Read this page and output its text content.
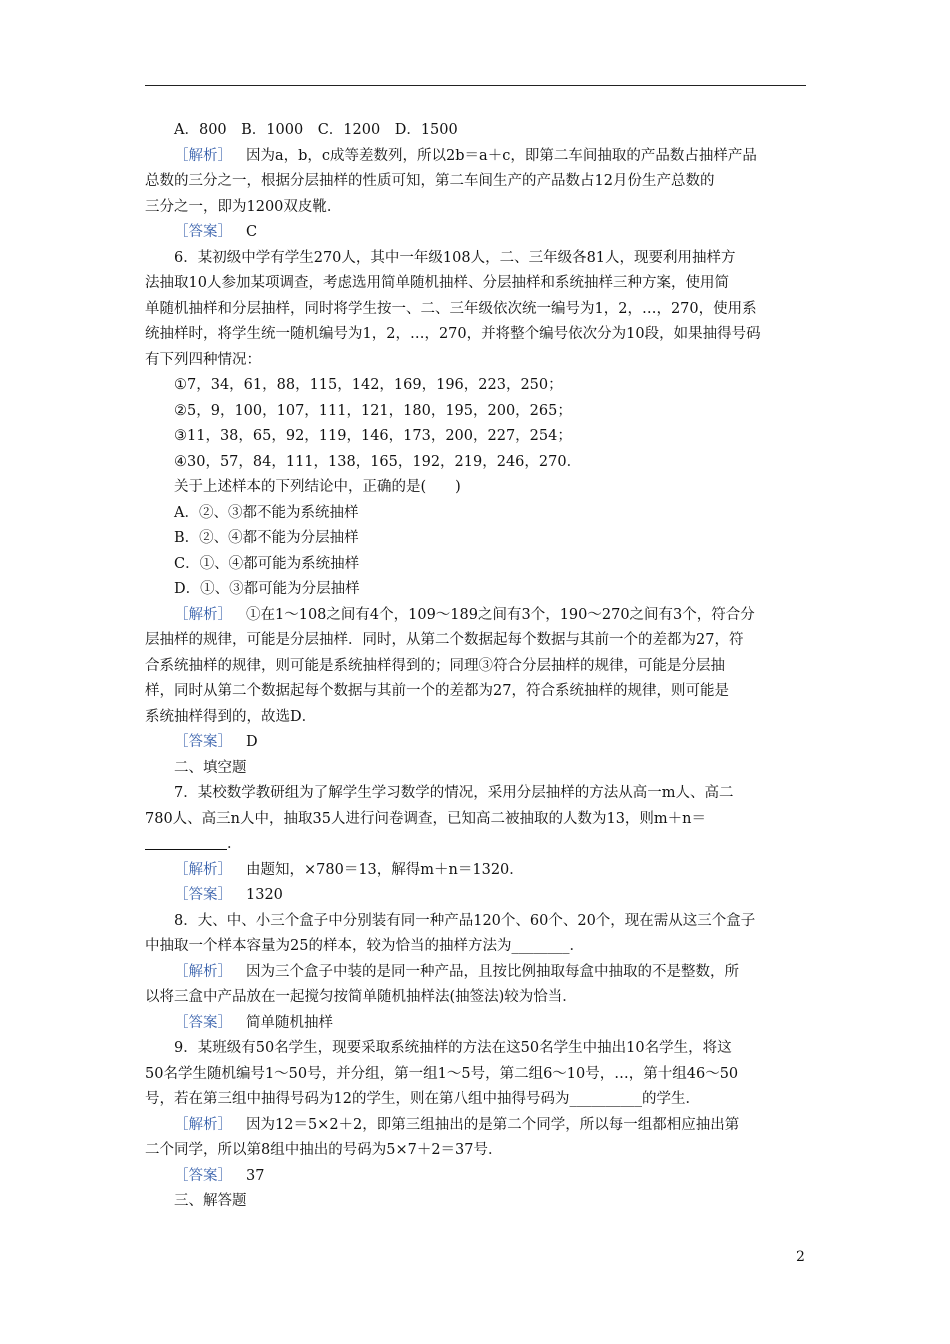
A．800　B．1000　C．1200　D．1500
［ 解析 ］ 因为a，b，c成等差数列，所以2b＝a＋c，即第二车间抽取的产品数占抽样产品
总数的三分之一，根据分层抽样的性质可知，第二车间生产的产品数占12月份生产总数的
三分之一，即为1200双皮靴．
［ 答案 ］ C
6．某初级中学有学生270人，其中一年级108人，二、三年级各81人，现要利用抽样方
法抽取10人参加某项调查，考虑选用简单随机抽样、分层抽样和系统抽样三种方案，使用简
单随机抽样和分层抽样，同时将学生按一、二、三年级依次统一编号为1，2，…，270，使用系
统抽样时，将学生统一随机编号为1，2，…，270，并将整个编号依次分为10段，如果抽得号码
有下列四种情况：
①7，34，61，88，115，142，169，196，223，250；
②5，9，100，107，111，121，180，195，200，265；
③11，38，65，92，119，146，173，200，227，254；
④30，57，84，111，138，165，192，219，246，270．
关于上述样本的下列结论中，正确的是(　　)
A．②、③都不能为系统抽样
B．②、④都不能为分层抽样
C．①、④都可能为系统抽样
D．①、③都可能为分层抽样
［ 解析 ］ ①在1～108之间有4个，109～189之间有3个，190～270之间有3个，符合分
层抽样的规律，可能是分层抽样．同时，从第二个数据起每个数据与其前一个的差都为27，符
合系统抽样的规律，则可能是系统抽样得到的；同理③符合分层抽样的规律，可能是分层抽
样，同时从第二个数据起每个数据与其前一个的差都为27，符合系统抽样的规律，则可能是
系统抽样得到的，故选D．
［ 答案 ］ D
二、填空题
7．某校数学教研组为了解学生学习数学的情况，采用分层抽样的方法从高一m人、高二
780人、高三n人中，抽取35人进行问卷调查，已知高二被抽取的人数为13，则m＋n＝
．
［ 解析 ］ 由题知，×780＝13，解得m＋n＝1320．
［ 答案 ］ 1320
8．大、中、小三个盒子中分别装有同一种产品120个、60个、20个，现在需从这三个盒子
中抽取一个样本容量为25的样本，较为恰当的抽样方法为________．
［ 解析 ］ 因为三个盒子中装的是同一种产品，且按比例抽取每盒中抽取的不是整数，所
以将三盒中产品放在一起搅匀按简单随机抽样法(抽签法)较为恰当．
［ 答案 ］ 简单随机抽样
9．某班级有50名学生，现要采取系统抽样的方法在这50名学生中抽出10名学生，将这
50名学生随机编号1～50号，并分组，第一组1～5号，第二组6～10号，…，第十组46～50
号，若在第三组中抽得号码为12的学生，则在第八组中抽得号码为__________的学生．
［ 解析 ］ 因为12＝5×2＋2，即第三组抽出的是第二个同学，所以每一组都相应抽出第
二个同学，所以第8组中抽出的号码为5×7＋2＝37号．
［ 答案 ］ 37
三、解答题
2
